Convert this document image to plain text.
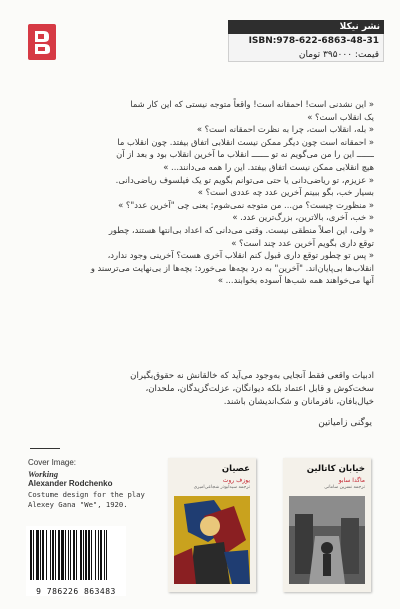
نشر نیکلا
ISBN:978-622-6863-48-31
قیمت: ۳۹۵۰۰۰ تومان

« این نشدنی است! احمقانه است! واقعاً متوجه نیستی که این کار شما

یک انقلاب است؟ »

« بله، انقلاب است، چرا به نظرت احمقانه است؟ »

« احمقانه است چون دیگر ممکن نیست انقلابی اتفاق بیفتد. چون انقلاب ما

ـــــــ این را من می‌گویم نه تو ـــــــ انقلاب ما آخرین انقلاب بود و بعد از آن

هیچ انقلابی ممکن نیست اتفاق بیفتد. این را همه می‌دانند... »

« عزیزم، تو ریاضی‌دانی یا حتی می‌توانم بگویم تو یک فیلسوف ریاضی‌دانی.

بسیار خب، بگو ببینم آخرین عدد چه عددی است؟ »

« منظورت چیست؟ من... من متوجه نمی‌شوم: یعنی چی "آخرین عدد"؟ »

« خب، آخری، بالاترین، بزرگ‌ترین عدد. »

« ولی، این اصلاً منطقی نیست. وقتی می‌دانی که اعداد بی‌انتها هستند، چطور

توقع داری بگویم آخرین عدد چند است؟ »

« پس تو چطور توقع داری قبول کنم انقلاب آخری هست؟ آخرینی وجود ندارد،

انقلاب‌ها بی‌پایان‌اند. "آخرین" به درد بچه‌ها می‌خورد: بچه‌ها از بی‌نهایت می‌ترسند و

آنها می‌خواهند همه شب‌ها آسوده بخوابند... »

ادبیات واقعی فقط آنجایی به‌وجود می‌آید که خالقانش نه حقوق‌بگیران

سخت‌کوش و قابل اعتماد بلکه دیوانگان، عزلت‌گزیدگان، ملحدان،

خیال‌بافان، نافرمانان و شک‌اندیشان باشند.

یوگنی زامیاتین
Cover Image:
Working
Alexander Rodchenko
Costume design for the play
Alexey Gana "We", 1920.
9 786226 863483
عصیان
یوزف روت
ترجمه سیدابوذر شجاعی‌امیری
خیابان کاتالین
ماگدا سابو
ترجمه نسرین سامانی
